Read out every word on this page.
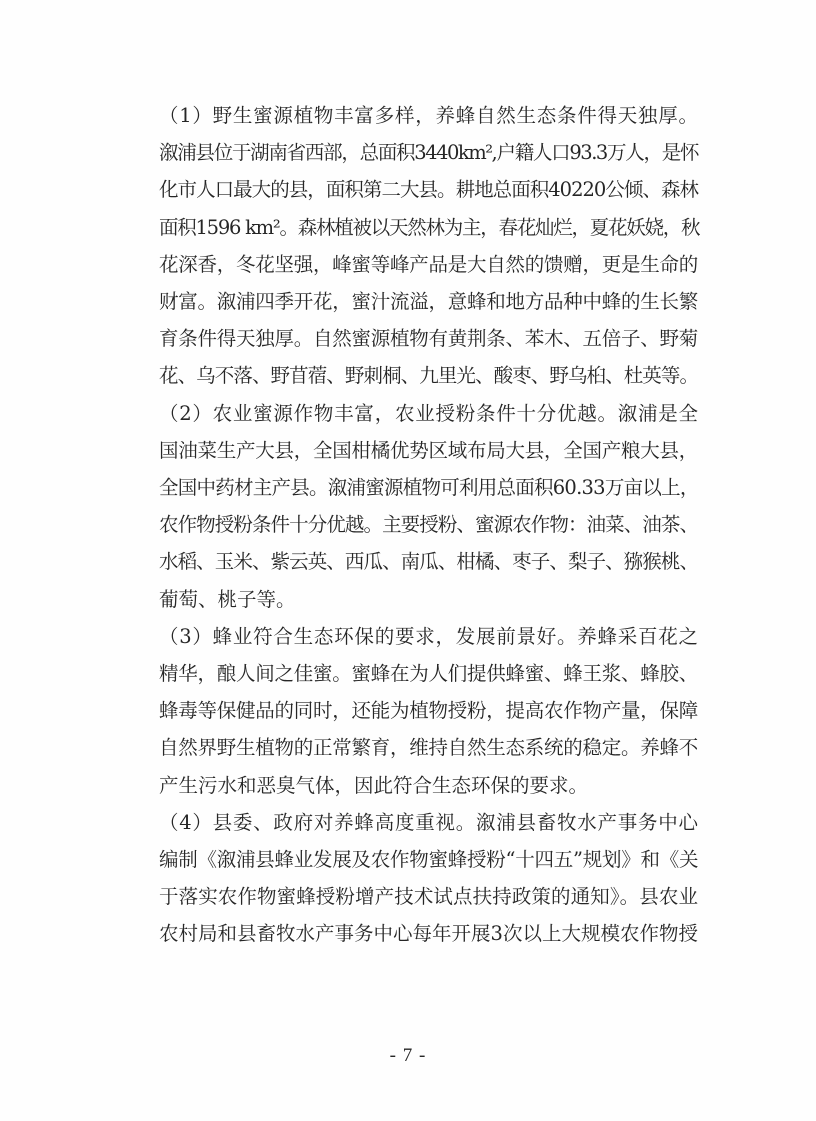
（1）野生蜜源植物丰富多样，养蜂自然生态条件得天独厚。
溆浦县位于湖南省西部，总面积3440km²,户籍人口93.3万人，是怀
化市人口最大的县，面积第二大县。耕地总面积40220公倾、森林
面积1596 km²。森林植被以天然林为主，春花灿烂，夏花妖娆，秋
花深香，冬花坚强，峰蜜等峰产品是大自然的馈赠，更是生命的
财富。溆浦四季开花，蜜汁流溢，意蜂和地方品种中蜂的生长繁
育条件得天独厚。自然蜜源植物有黄荆条、苯木、五倍子、野菊
花、乌不落、野苜蓿、野刺桐、九里光、酸枣、野乌桕、杜英等。
（2）农业蜜源作物丰富，农业授粉条件十分优越。溆浦是全
国油菜生产大县，全国柑橘优势区域布局大县，全国产粮大县，
全国中药材主产县。溆浦蜜源植物可利用总面积60.33万亩以上，
农作物授粉条件十分优越。主要授粉、蜜源农作物：油菜、油茶、
水稻、玉米、紫云英、西瓜、南瓜、柑橘、枣子、梨子、猕猴桃、
葡萄、桃子等。
（3）蜂业符合生态环保的要求，发展前景好。养蜂采百花之
精华，酿人间之佳蜜。蜜蜂在为人们提供蜂蜜、蜂王浆、蜂胶、
蜂毒等保健品的同时，还能为植物授粉，提高农作物产量，保障
自然界野生植物的正常繁育，维持自然生态系统的稳定。养蜂不
产生污水和恶臭气体，因此符合生态环保的要求。
（4）县委、政府对养蜂高度重视。溆浦县畜牧水产事务中心
编制《溆浦县蜂业发展及农作物蜜蜂授粉“十四五”规划》和《关
于落实农作物蜜蜂授粉增产技术试点扶持政策的通知》。县农业
农村局和县畜牧水产事务中心每年开展3次以上大规模农作物授
- 7 -
